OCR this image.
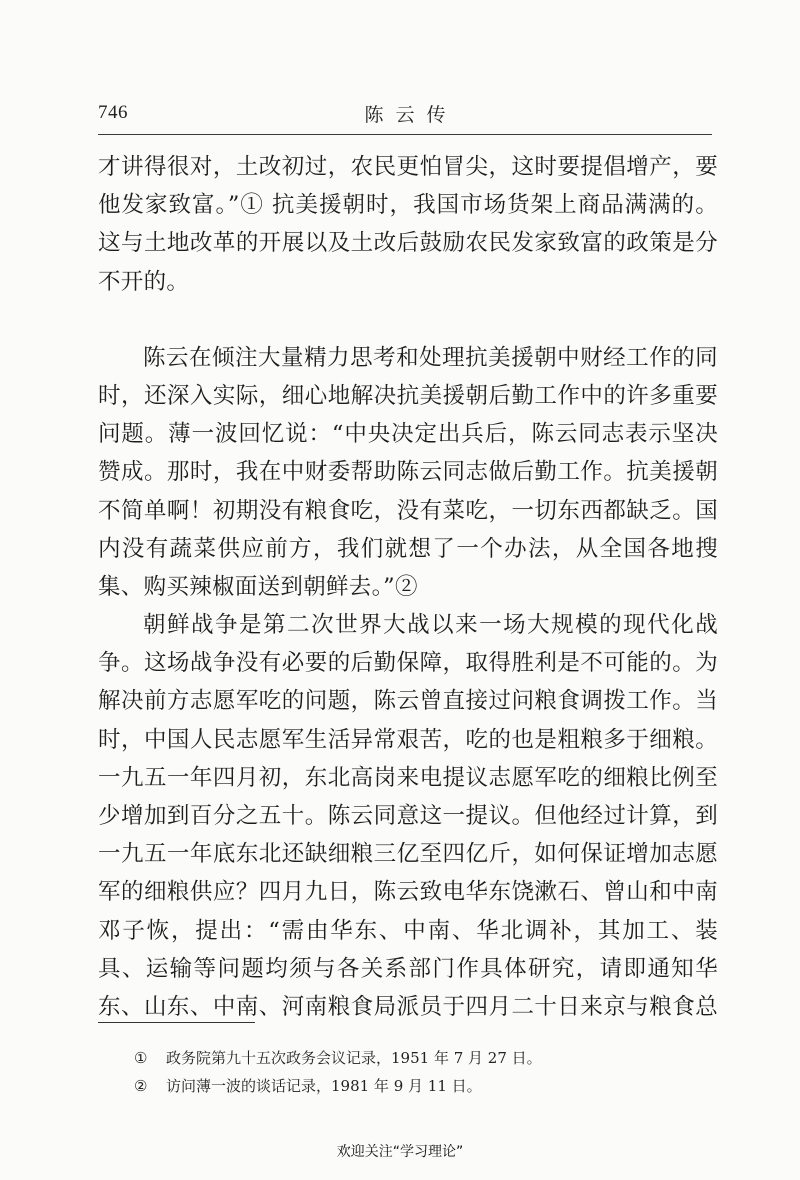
746	陈云传
才讲得很对，土改初过，农民更怕冒尖，这时要提倡增产，要
他发家致富。”① 抗美援朝时，我国市场货架上商品满满的。
这与土地改革的开展以及土改后鼓励农民发家致富的政策是分
不开的。
陈云在倾注大量精力思考和处理抗美援朝中财经工作的同
时，还深入实际，细心地解决抗美援朝后勤工作中的许多重要
问题。薄一波回忆说：“中央决定出兵后，陈云同志表示坚决
赞成。那时，我在中财委帮助陈云同志做后勤工作。抗美援朝
不简单啊！初期没有粮食吃，没有菜吃，一切东西都缺乏。国
内没有蔬菜供应前方，我们就想了一个办法，从全国各地搜
集、购买辣椒面送到朝鲜去。”②
朝鲜战争是第二次世界大战以来一场大规模的现代化战
争。这场战争没有必要的后勤保障，取得胜利是不可能的。为
解决前方志愿军吃的问题，陈云曾直接过问粮食调拨工作。当
时，中国人民志愿军生活异常艰苦，吃的也是粗粮多于细粮。
一九五一年四月初，东北高岗来电提议志愿军吃的细粮比例至
少增加到百分之五十。陈云同意这一提议。但他经过计算，到
一九五一年底东北还缺细粮三亿至四亿斤，如何保证增加志愿
军的细粮供应？四月九日，陈云致电华东饶漱石、曾山和中南
邓子恢，提出：“需由华东、中南、华北调补，其加工、装
具、运输等问题均须与各关系部门作具体研究，请即通知华
东、山东、中南、河南粮食局派员于四月二十日来京与粮食总
① 政务院第九十五次政务会议记录，1951 年 7 月 27 日。
② 访问薄一波的谈话记录，1981 年 9 月 11 日。
欢迎关注“学习理论”
